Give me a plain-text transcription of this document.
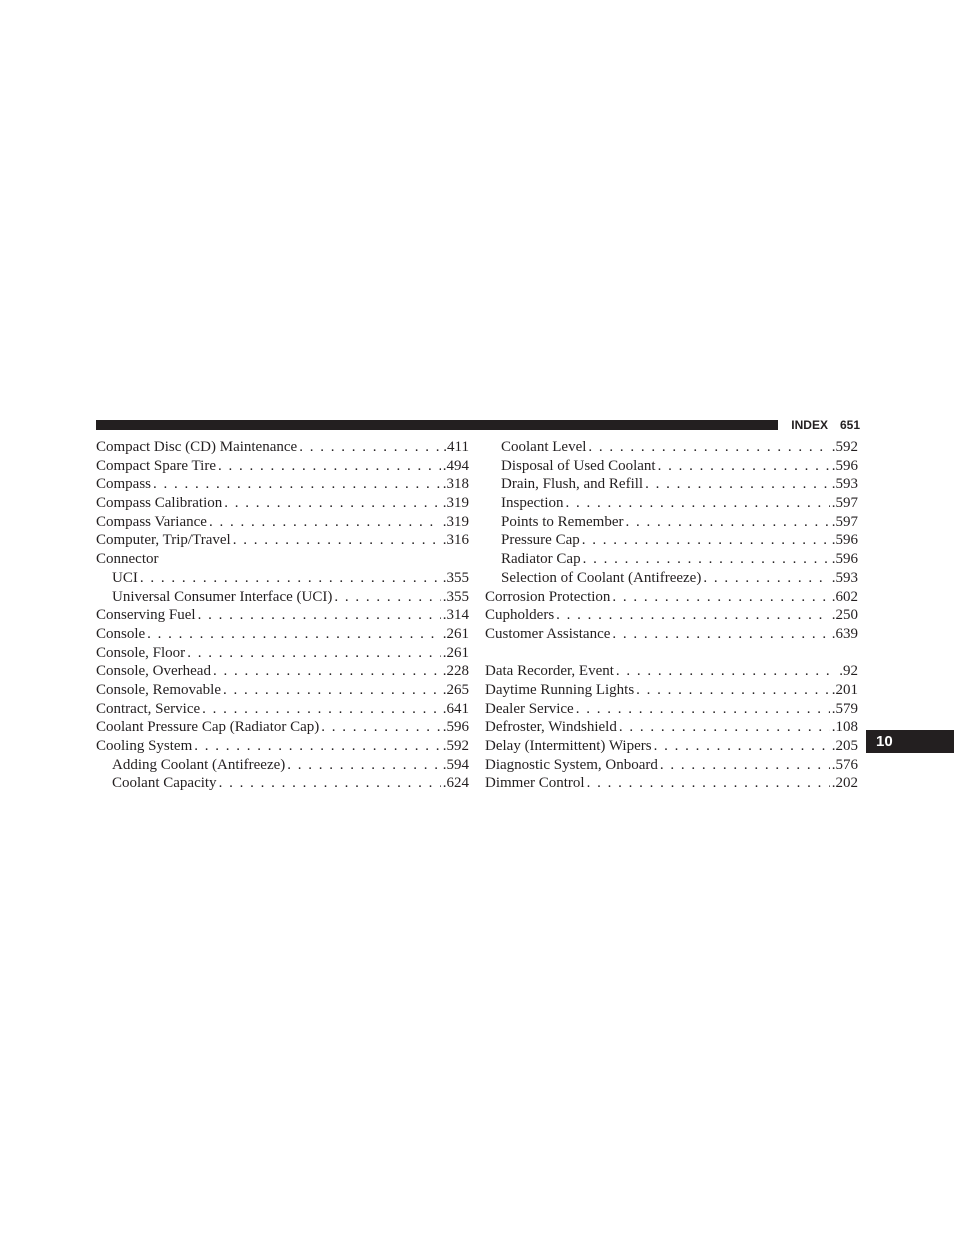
INDEX 651
Compact Disc (CD) Maintenance . . .	.411
Compact Spare Tire . . .	.494
Compass . . .	.318
Compass Calibration . . .	.319
Compass Variance . . .	.319
Computer, Trip/Travel . . .	.316
Connector
UCI . . .	.355
Universal Consumer Interface (UCI) . . .	.355
Conserving Fuel . . .	.314
Console . . .	.261
Console, Floor . . .	.261
Console, Overhead . . .	.228
Console, Removable . . .	.265
Contract, Service . . .	.641
Coolant Pressure Cap (Radiator Cap) . . .	.596
Cooling System . . .	.592
Adding Coolant (Antifreeze) . . .	.594
Coolant Capacity . . .	.624
Coolant Level . . .	.592
Disposal of Used Coolant . . .	.596
Drain, Flush, and Refill . . .	.593
Inspection . . .	.597
Points to Remember . . .	.597
Pressure Cap . . .	.596
Radiator Cap . . .	.596
Selection of Coolant (Antifreeze) . . .	.593
Corrosion Protection . . .	.602
Cupholders . . .	.250
Customer Assistance . . .	.639
Data Recorder, Event . . .	.92
Daytime Running Lights . . .	.201
Dealer Service . . .	.579
Defroster, Windshield . . .	.108
Delay (Intermittent) Wipers . . .	.205
Diagnostic System, Onboard . . .	.576
Dimmer Control . . .	.202
10
